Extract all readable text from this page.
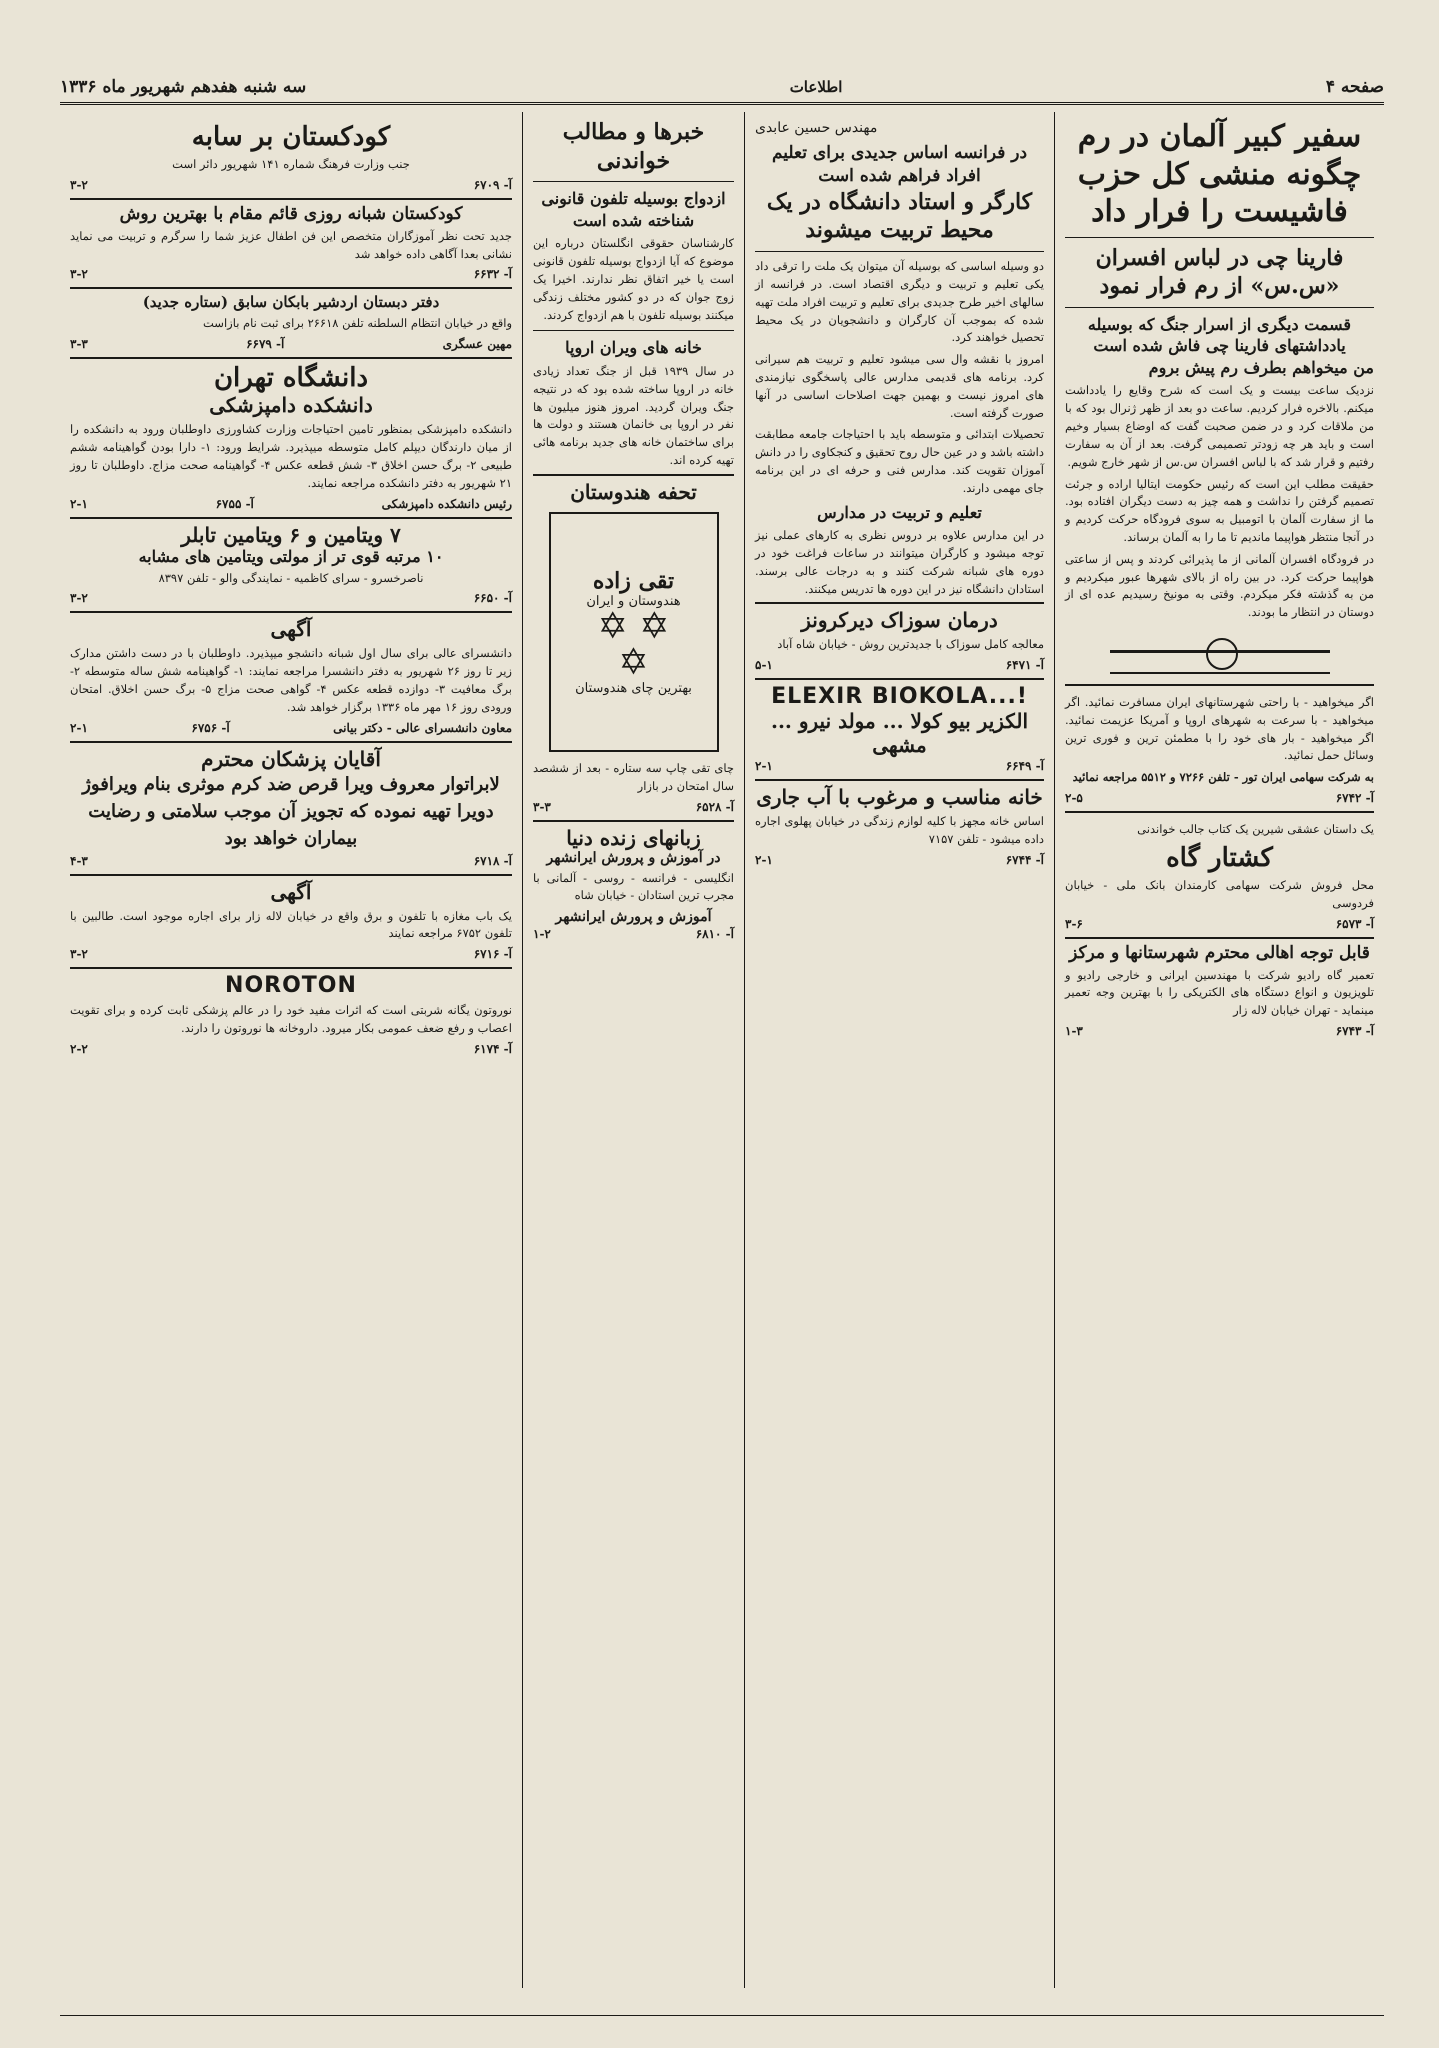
صفحه ۴
اطلاعات
سه شنبه هفدهم شهریور ماه ۱۳۳۶
سفیر کبیر آلمان در رم چگونه منشی کل حزب فاشیست را فرار داد
فارینا چی در لباس افسران «س.س» از رم فرار نمود
قسمت دیگری از اسرار جنگ که بوسیله یادداشتهای فارینا چی فاش شده است
من میخواهم بطرف رم پیش بروم

نزدیک ساعت بیست و یک است که شرح وقایع را یادداشت میکنم. بالاخره فرار کردیم. ساعت دو بعد از ظهر ژنرال بود که با من ملاقات کرد و در ضمن صحبت گفت که اوضاع بسیار وخیم است و باید هر چه زودتر تصمیمی گرفت. بعد از آن به سفارت رفتیم و قرار شد که با لباس افسران س.س از شهر خارج شویم.

حقیقت مطلب این است که رئیس حکومت ایتالیا اراده و جرئت تصمیم گرفتن را نداشت و همه چیز به دست دیگران افتاده بود. ما از سفارت آلمان با اتومبیل به سوی فرودگاه حرکت کردیم و در آنجا منتظر هواپیما ماندیم تا ما را به آلمان برساند.

در فرودگاه افسران آلمانی از ما پذیرائی کردند و پس از ساعتی هواپیما حرکت کرد. در بین راه از بالای شهرها عبور میکردیم و من به گذشته فکر میکردم. وقتی به مونیخ رسیدیم عده ای از دوستان در انتظار ما بودند.

اگر میخواهید - با راحتی شهرستانهای ایران مسافرت نمائید. اگر میخواهید - با سرعت به شهرهای اروپا و آمریکا عزیمت نمائید. اگر میخواهید - بار های خود را با مطمئن ترین و فوری ترین وسائل حمل نمائید.

به شرکت سهامی ایران تور - تلفن ۷۲۶۶ و ۵۵۱۲ مراجعه نمائید

آ- ۶۷۴۲
۲-۵

یک داستان عشقی شیرین یک کتاب جالب خواندنی

کشتار گاه

محل فروش شرکت سهامی کارمندان بانک ملی - خیابان فردوسی

آ- ۶۵۷۳
۳-۶
قابل توجه اهالی محترم شهرستانها و مرکز

تعمیر گاه رادیو شرکت با مهندسین ایرانی و خارجی رادیو و تلویزیون و انواع دستگاه های الکتریکی را با بهترین وجه تعمیر مینماید - تهران خیابان لاله زار

آ- ۶۷۴۳
۱-۳
مهندس حسین عابدی
در فرانسه اساس جدیدی برای تعلیم افراد فراهم شده است
کارگر و استاد دانشگاه در یک محیط تربیت میشوند

دو وسیله اساسی که بوسیله آن میتوان یک ملت را ترقی داد یکی تعلیم و تربیت و دیگری اقتصاد است. در فرانسه از سالهای اخیر طرح جدیدی برای تعلیم و تربیت افراد ملت تهیه شده که بموجب آن کارگران و دانشجویان در یک محیط تحصیل خواهند کرد.

امروز با نقشه وال سی میشود تعلیم و تربیت هم سیرانی کرد. برنامه های قدیمی مدارس عالی پاسخگوی نیازمندی های امروز نیست و بهمین جهت اصلاحات اساسی در آنها صورت گرفته است.

تحصیلات ابتدائی و متوسطه باید با احتیاجات جامعه مطابقت داشته باشد و در عین حال روح تحقیق و کنجکاوی را در دانش آموزان تقویت کند. مدارس فنی و حرفه ای در این برنامه جای مهمی دارند.

تعلیم و تربیت در مدارس

در این مدارس علاوه بر دروس نظری به کارهای عملی نیز توجه میشود و کارگران میتوانند در ساعات فراغت خود در دوره های شبانه شرکت کنند و به درجات عالی برسند. استادان دانشگاه نیز در این دوره ها تدریس میکنند.

درمان سوزاک دیرکرونز

معالجه کامل سوزاک با جدیدترین روش - خیابان شاه آباد

آ- ۶۴۷۱
۵-۱
ELEXIR BIOKOLA...!
الکزیر بیو کولا ... مولد نیرو ... مشهی
آ- ۶۶۴۹
۲-۱
خانه مناسب و مرغوب با آب جاری

اساس خانه مجهز با کلیه لوازم زندگی در خیابان پهلوی اجاره داده میشود - تلفن ۷۱۵۷

آ- ۶۷۴۴
۲-۱
خبرها و مطالب خواندنی
ازدواج بوسیله تلفون قانونی شناخته شده است

کارشناسان حقوقی انگلستان درباره این موضوع که آیا ازدواج بوسیله تلفون قانونی است یا خیر اتفاق نظر ندارند. اخیرا یک زوج جوان که در دو کشور مختلف زندگی میکنند بوسیله تلفون با هم ازدواج کردند.

خانه های ویران اروپا

در سال ۱۹۳۹ قبل از جنگ تعداد زیادی خانه در اروپا ساخته شده بود که در نتیجه جنگ ویران گردید. امروز هنوز میلیون ها نفر در اروپا بی خانمان هستند و دولت ها برای ساختمان خانه های جدید برنامه هائی تهیه کرده اند.

تحفه هندوستان
تقی زاده
هندوستان و ایران
✡ ✡
✡
بهترین چای هندوستان

چای تقی چاپ سه ستاره - بعد از ششصد سال امتحان در بازار

آ- ۶۵۲۸
۳-۳
زبانهای زنده دنیا
در آموزش و پرورش ایرانشهر

انگلیسی - فرانسه - روسی - آلمانی با مجرب ترین استادان - خیابان شاه

آموزش و پرورش ایرانشهر
آ- ۶۸۱۰
۱-۲
کودکستان بر سابه

جنب وزارت فرهنگ شماره ۱۴۱ شهریور دائر است

آ- ۶۷۰۹
۳-۲
کودکستان شبانه روزی قائم مقام با بهترین روش

جدید تحت نظر آموزگاران متخصص این فن اطفال عزیز شما را سرگرم و تربیت می نماید نشانی بعدا آگاهی داده خواهد شد

آ- ۶۶۳۲
۳-۲
دفتر دبستان اردشیر بابکان سابق (ستاره جدید)

واقع در خیابان انتظام السلطنه تلفن ۲۶۶۱۸ برای ثبت نام بازاست

مهین عسگری
آ- ۶۶۷۹
۳-۳
دانشگاه تهران
دانشکده دامپزشکی

دانشکده دامپزشکی بمنظور تامین احتیاجات وزارت کشاورزی داوطلبان ورود به دانشکده را از میان دارندگان دیپلم کامل متوسطه میپذیرد. شرایط ورود: ۱- دارا بودن گواهینامه ششم طبیعی ۲- برگ حسن اخلاق ۳- شش قطعه عکس ۴- گواهینامه صحت مزاج. داوطلبان تا روز ۲۱ شهریور به دفتر دانشکده مراجعه نمایند.

رئیس دانشکده دامپزشکی
آ- ۶۷۵۵
۲-۱
۷ ویتامین و ۶ ویتامین تابلر
۱۰ مرتبه قوی تر از مولتی ویتامین های مشابه

ناصرخسرو - سرای کاظمیه - نمایندگی والو - تلفن ۸۳۹۷

آ- ۶۶۵۰
۳-۲
آگهی

دانشسرای عالی برای سال اول شبانه دانشجو میپذیرد. داوطلبان با در دست داشتن مدارک زیر تا روز ۲۶ شهریور به دفتر دانشسرا مراجعه نمایند: ۱- گواهینامه شش ساله متوسطه ۲- برگ معافیت ۳- دوازده قطعه عکس ۴- گواهی صحت مزاج ۵- برگ حسن اخلاق. امتحان ورودی روز ۱۶ مهر ماه ۱۳۳۶ برگزار خواهد شد.

معاون دانشسرای عالی - دکتر بیانی
آ- ۶۷۵۶
۲-۱
آقایان پزشکان محترم
لابراتوار معروف ویرا قرص ضد کرم موثری بنام ویرافوژ دویرا تهیه نموده که تجویز آن موجب سلامتی و رضایت بیماران خواهد بود
آ- ۶۷۱۸
۴-۳
آگهی

یک باب مغازه با تلفون و برق واقع در خیابان لاله زار برای اجاره موجود است. طالبین با تلفون ۶۷۵۲ مراجعه نمایند

آ- ۶۷۱۶
۳-۲
NOROTON

نوروتون یگانه شربتی است که اثرات مفید خود را در عالم پزشکی ثابت کرده و برای تقویت اعصاب و رفع ضعف عمومی بکار میرود. داروخانه ها نوروتون را دارند.

آ- ۶۱۷۴
۲-۲
